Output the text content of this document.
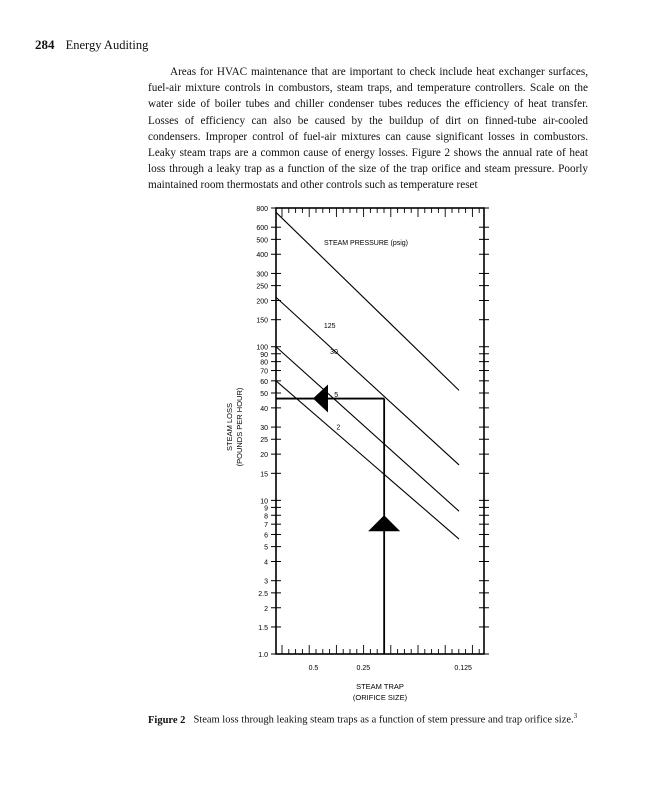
284 Energy Auditing

Areas for HVAC maintenance that are important to check include heat exchanger surfaces, fuel-air mixture controls in combustors, steam traps, and temperature controllers. Scale on the water side of boiler tubes and chiller condenser tubes reduces the efficiency of heat transfer. Losses of efficiency can also be caused by the buildup of dirt on finned-tube air-cooled condensers. Improper control of fuel-air mixtures can cause significant losses in combustors. Leaky steam traps are a common cause of energy losses. Figure 2 shows the annual rate of heat loss through a leaky trap as a function of the size of the trap orifice and steam pressure. Poorly maintained room thermostats and other controls such as temperature reset

800
600
500
400
300
250
200
150
100
90
80
70
60
50
40
30
25
20
15
10
9
8
7
6
5
4
3
2.5
2
1.5
1.0
0.5	0.25	0.125
125
30
5
2
STEAM PRESSURE (psig)
STEAM LOSS (POUNDS PER HOUR)
STEAM TRAP
(ORIFICE SIZE)
Figure 2 Steam loss through leaking steam traps as a function of stem pressure and trap orifice size.$^3$
